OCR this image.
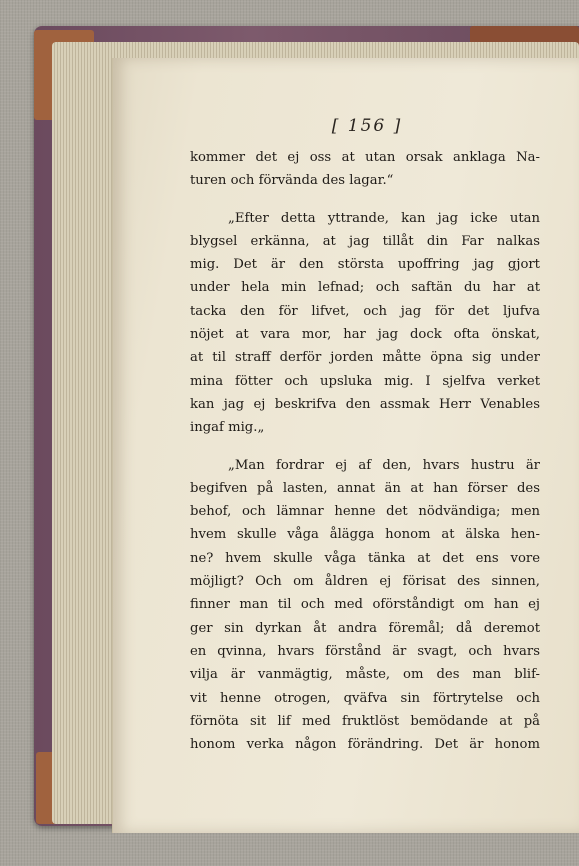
[ 156 ]
kommer det ej oss at utan orsak anklaga Na-
turen och förvända des lagar.“
„Efter detta yttrande, kan jag icke utan
blygsel erkänna, at jag tillåt din Far nalkas
mig. Det är den största upoffring jag gjort
under hela min lefnad; och saftän du har at
tacka den för lifvet, och jag för det ljufva
nöjet at vara mor, har jag dock ofta önskat,
at til straff derför jorden måtte öpna sig under
mina fötter och upsluka mig. I sjelfva verket
kan jag ej beskrifva den assmak Herr Venables
ingaf mig.„
„Man fordrar ej af den, hvars hustru är
begifven på lasten, annat än at han förser des
behof, och lämnar henne det nödvändiga; men
hvem skulle våga ålägga honom at älska hen-
ne? hvem skulle våga tänka at det ens vore
möjligt? Och om åldren ej förisat des sinnen,
finner man til och med oförståndigt om han ej
ger sin dyrkan åt andra föremål; då deremot
en qvinna, hvars förstånd är svagt, och hvars
vilja är vanmägtig, måste, om des man blif-
vit henne otrogen, qväfva sin förtrytelse och
förnöta sit lif med fruktlöst bemödande at på
honom verka någon förändring. Det är honom
